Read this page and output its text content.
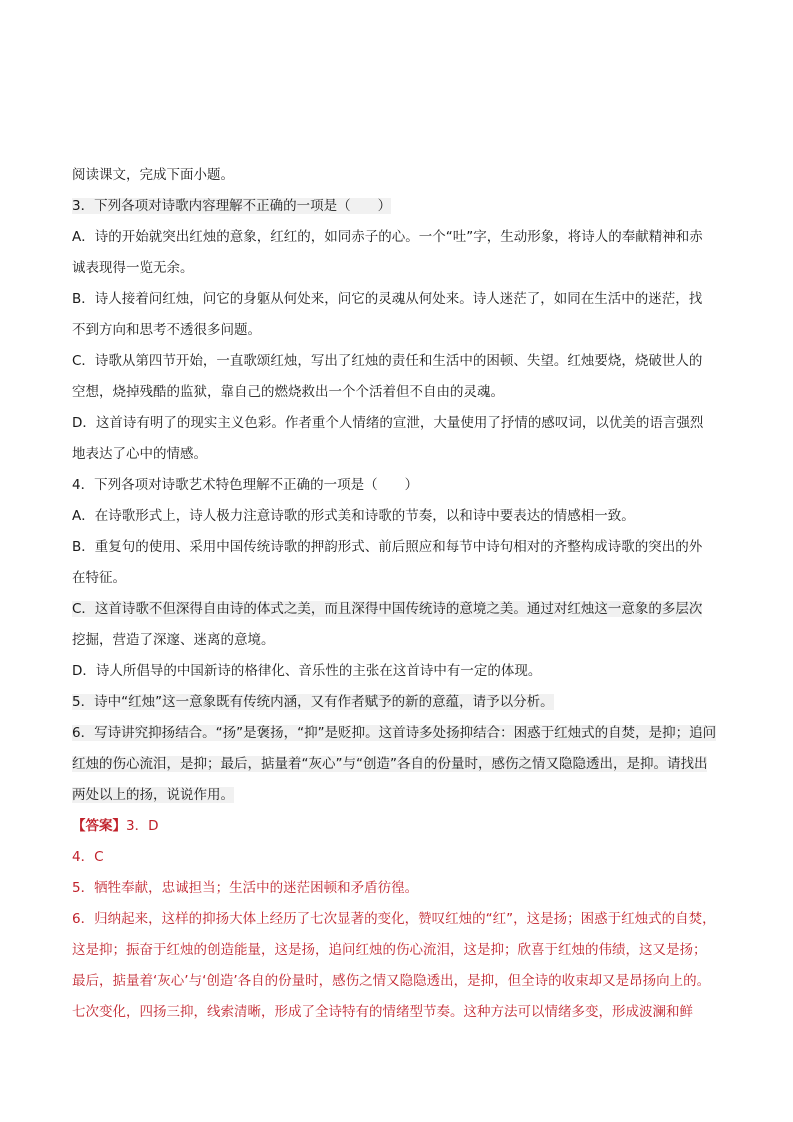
阅读课文，完成下面小题。
3．下列各项对诗歌内容理解不正确的一项是（　　）
A．诗的开始就突出红烛的意象，红红的，如同赤子的心。一个“吐”字，生动形象，将诗人的奉献精神和赤
诚表现得一览无余。
B．诗人接着问红烛，问它的身躯从何处来，问它的灵魂从何处来。诗人迷茫了，如同在生活中的迷茫，找
不到方向和思考不透很多问题。
C．诗歌从第四节开始，一直歌颂红烛，写出了红烛的责任和生活中的困顿、失望。红烛要烧，烧破世人的
空想，烧掉残酷的监狱，靠自己的燃烧救出一个个活着但不自由的灵魂。
D．这首诗有明了的现实主义色彩。作者重个人情绪的宣泄，大量使用了抒情的感叹词，以优美的语言强烈
地表达了心中的情感。
4．下列各项对诗歌艺术特色理解不正确的一项是（　　）
A．在诗歌形式上，诗人极力注意诗歌的形式美和诗歌的节奏，以和诗中要表达的情感相一致。
B．重复句的使用、采用中国传统诗歌的押韵形式、前后照应和每节中诗句相对的齐整构成诗歌的突出的外
在特征。
C．这首诗歌不但深得自由诗的体式之美，而且深得中国传统诗的意境之美。通过对红烛这一意象的多层次
挖掘，营造了深邃、迷离的意境。
D．诗人所倡导的中国新诗的格律化、音乐性的主张在这首诗中有一定的体现。
5．诗中“红烛”这一意象既有传统内涵，又有作者赋予的新的意蕴，请予以分析。
6．写诗讲究抑扬结合。“扬”是褒扬，“抑”是贬抑。这首诗多处扬抑结合：困惑于红烛式的自焚，是抑；追问
红烛的伤心流泪，是抑；最后，掂量着“灰心”与“创造”各自的份量时，感伤之情又隐隐透出，是抑。请找出
两处以上的扬，说说作用。
【答案】3．D
4．C
5．牺牲奉献，忠诚担当；生活中的迷茫困顿和矛盾彷徨。
6．归纳起来，这样的抑扬大体上经历了七次显著的变化，赞叹红烛的“红”，这是扬；困惑于红烛式的自焚，
这是抑；振奋于红烛的创造能量，这是扬，追问红烛的伤心流泪，这是抑；欣喜于红烛的伟绩，这又是扬；
最后，掂量着‘灰心’与‘创造’各自的份量时，感伤之情又隐隐透出，是抑，但全诗的收束却又是昂扬向上的。
七次变化，四扬三抑，线索清晰，形成了全诗特有的情绪型节奏。这种方法可以情绪多变，形成波澜和鲜
